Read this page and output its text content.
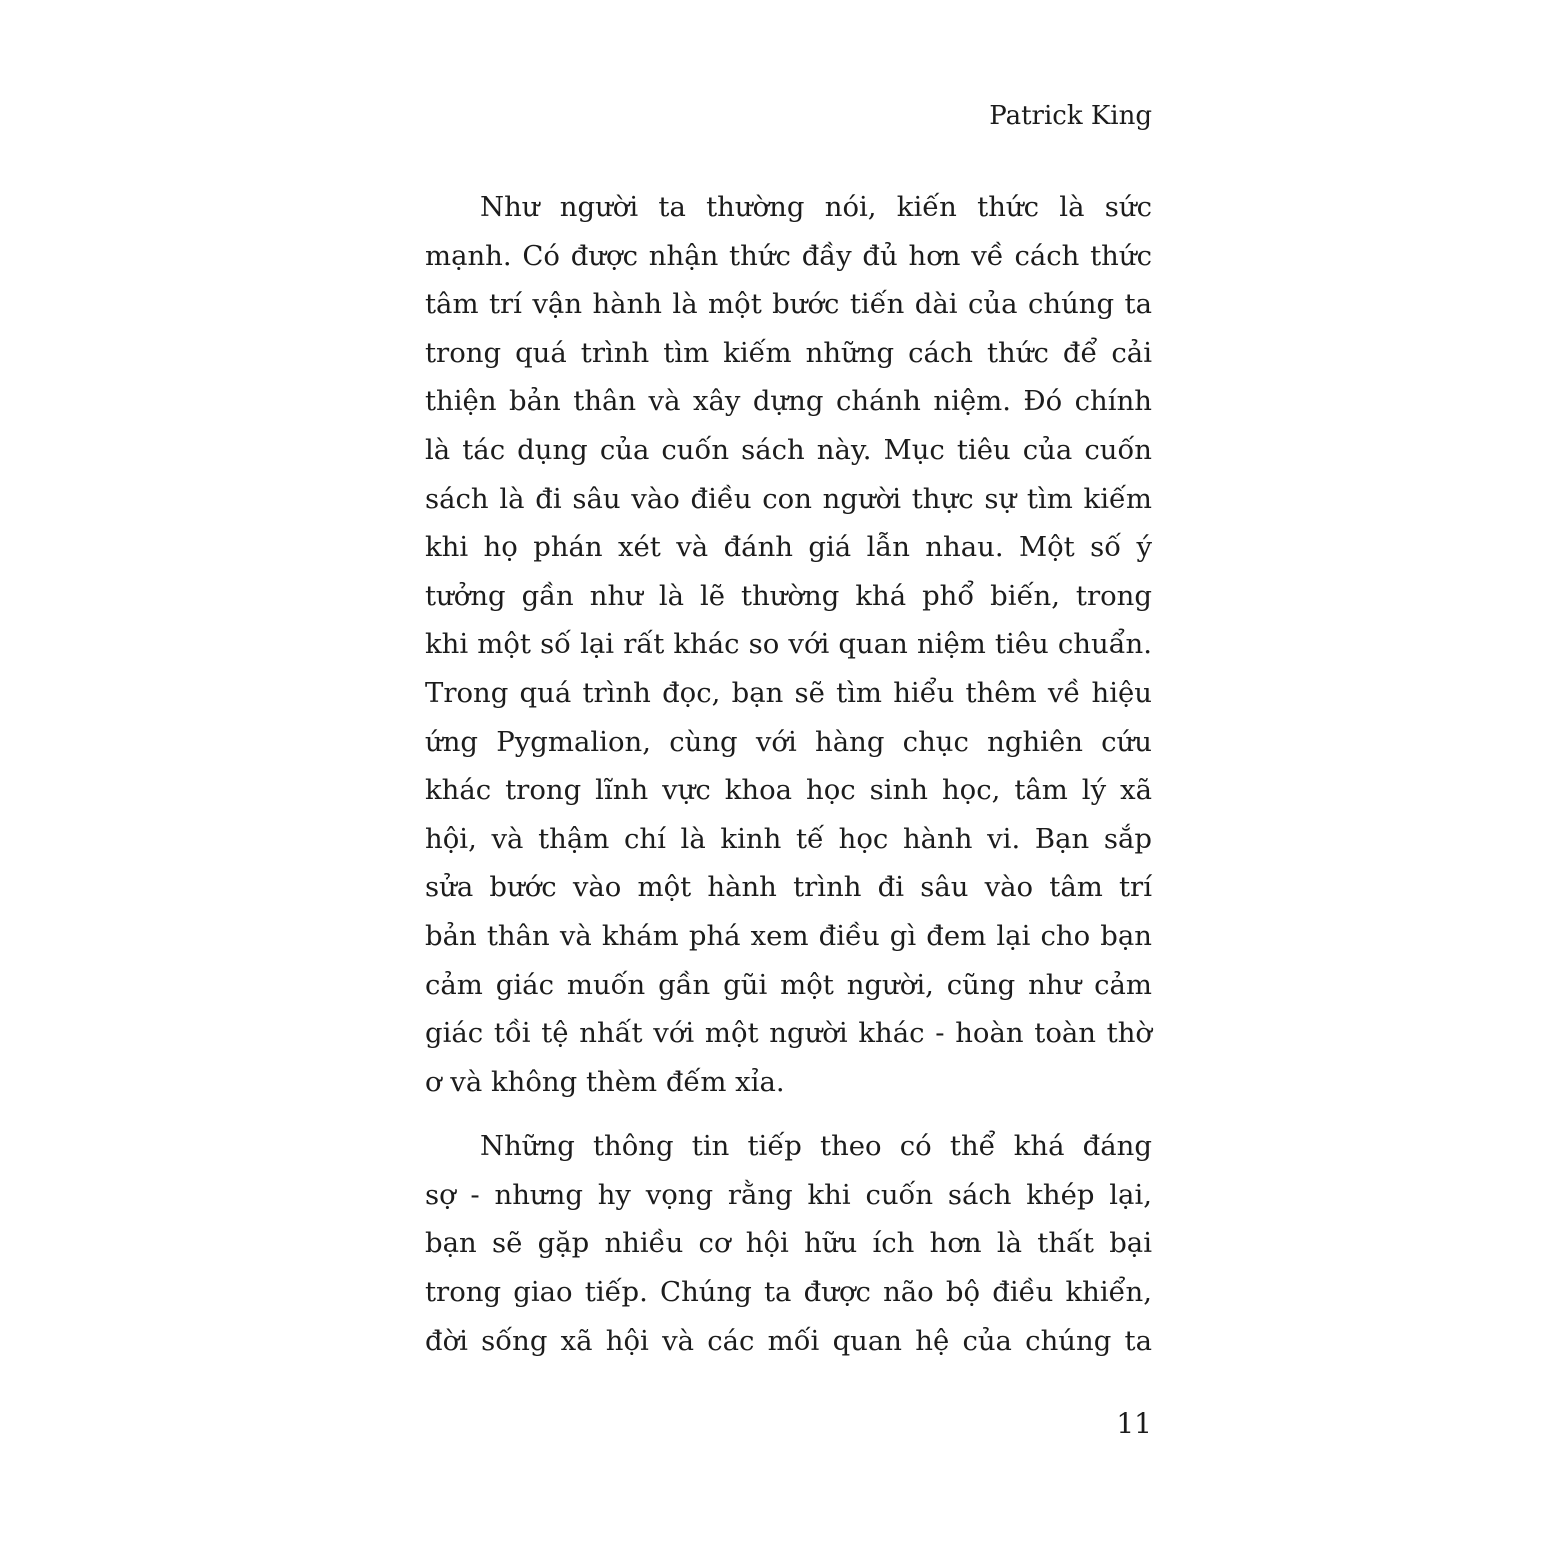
Patrick King
Như người ta thường nói, kiến thức là sức
mạnh. Có được nhận thức đầy đủ hơn về cách thức
tâm trí vận hành là một bước tiến dài của chúng ta
trong quá trình tìm kiếm những cách thức để cải
thiện bản thân và xây dựng chánh niệm. Đó chính
là tác dụng của cuốn sách này. Mục tiêu của cuốn
sách là đi sâu vào điều con người thực sự tìm kiếm
khi họ phán xét và đánh giá lẫn nhau. Một số ý
tưởng gần như là lẽ thường khá phổ biến, trong
khi một số lại rất khác so với quan niệm tiêu chuẩn.
Trong quá trình đọc, bạn sẽ tìm hiểu thêm về hiệu
ứng Pygmalion, cùng với hàng chục nghiên cứu
khác trong lĩnh vực khoa học sinh học, tâm lý xã
hội, và thậm chí là kinh tế học hành vi. Bạn sắp
sửa bước vào một hành trình đi sâu vào tâm trí
bản thân và khám phá xem điều gì đem lại cho bạn
cảm giác muốn gần gũi một người, cũng như cảm
giác tồi tệ nhất với một người khác - hoàn toàn thờ
ơ và không thèm đếm xỉa.
Những thông tin tiếp theo có thể khá đáng
sợ - nhưng hy vọng rằng khi cuốn sách khép lại,
bạn sẽ gặp nhiều cơ hội hữu ích hơn là thất bại
trong giao tiếp. Chúng ta được não bộ điều khiển,
đời sống xã hội và các mối quan hệ của chúng ta
11
